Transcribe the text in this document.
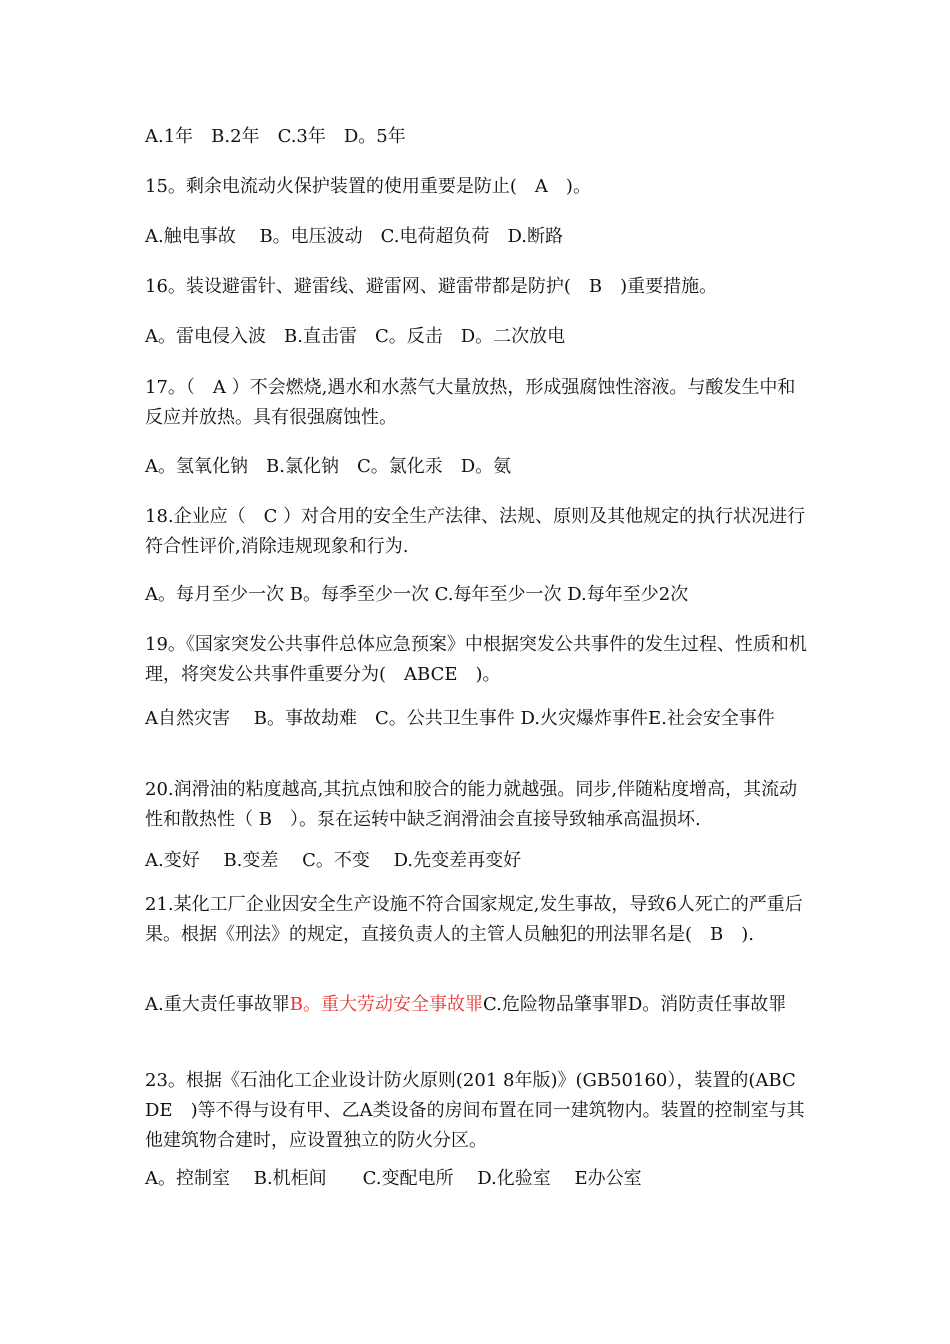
A.1年　B.2年　C.3年　D。5年

15。剩余电流动火保护装置的使用重要是防止(　A　)。

A.触电事故　 B。电压波动　C.电荷超负荷　D.断路

16。装设避雷针、避雷线、避雷网、避雷带都是防护(　B　)重要措施。

A。雷电侵入波　B.直击雷　C。反击　D。二次放电

17。（　A ）不会燃烧,遇水和水蒸气大量放热，形成强腐蚀性溶液。与酸发生中和反应并放热。具有很强腐蚀性。

A。氢氧化钠　B.氯化钠　C。氯化汞　D。氨

18.企业应（　C ）对合用的安全生产法律、法规、原则及其他规定的执行状况进行符合性评价,消除违规现象和行为.

A。每月至少一次 B。每季至少一次 C.每年至少一次 D.每年至少2次

19。《国家突发公共事件总体应急预案》中根据突发公共事件的发生过程、性质和机理，将突发公共事件重要分为(　ABCE　)。

A自然灾害　 B。事故劫难　C。公共卫生事件 D.火灾爆炸事件E.社会安全事件

20.润滑油的粘度越高,其抗点蚀和胶合的能力就越强。同步,伴随粘度增高，其流动性和散热性（ B　）。泵在运转中缺乏润滑油会直接导致轴承高温损坏.

A.变好　 B.变差　 C。不变　 D.先变差再变好

21.某化工厂企业因安全生产设施不符合国家规定,发生事故，导致6人死亡的严重后果。根据《刑法》的规定，直接负责人的主管人员触犯的刑法罪名是(　B　).

A.重大责任事故罪B。重大劳动安全事故罪C.危险物品肇事罪D。消防责任事故罪

23。根据《石油化工企业设计防火原则(201 8年版)》(GB50160），装置的(ABCDE　)等不得与设有甲、乙A类设备的房间布置在同一建筑物内。装置的控制室与其他建筑物合建时，应设置独立的防火分区。

A。控制室　 B.机柜间　　C.变配电所　 D.化验室　 E办公室
